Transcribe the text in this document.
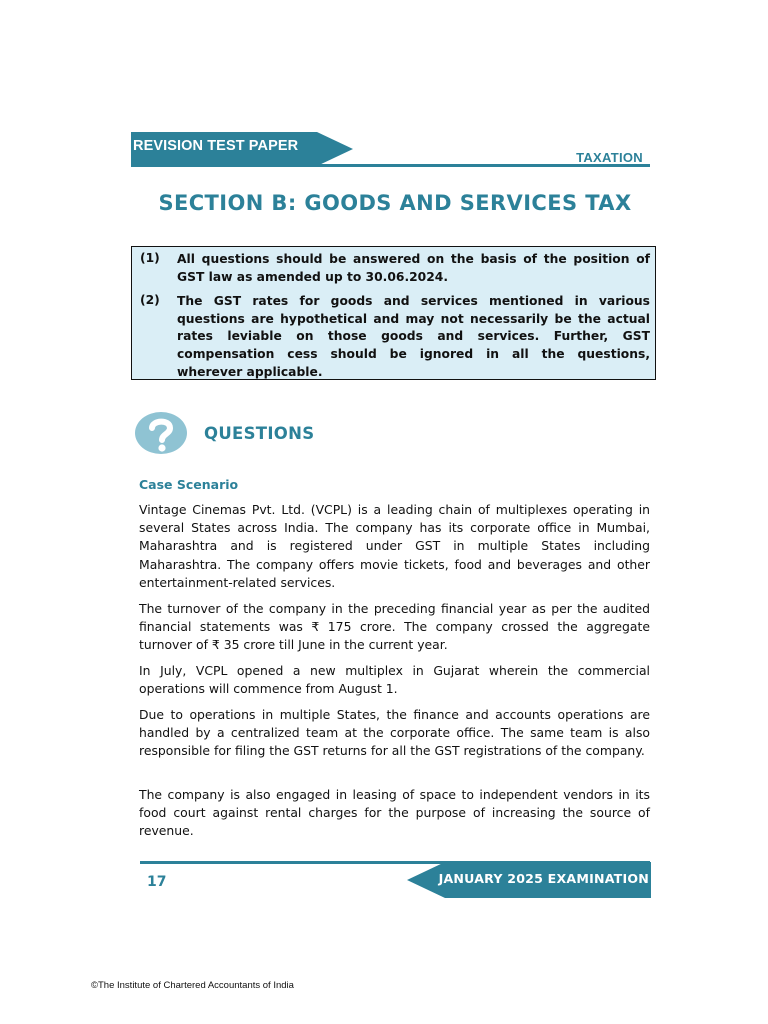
REVISION TEST PAPER
TAXATION
SECTION B: GOODS AND SERVICES TAX
(1) All questions should be answered on the basis of the position of GST law as amended up to 30.06.2024.
(2) The GST rates for goods and services mentioned in various questions are hypothetical and may not necessarily be the actual rates leviable on those goods and services. Further, GST compensation cess should be ignored in all the questions, wherever applicable.
QUESTIONS
Case Scenario
Vintage Cinemas Pvt. Ltd. (VCPL) is a leading chain of multiplexes operating in several States across India. The company has its corporate office in Mumbai, Maharashtra and is registered under GST in multiple States including Maharashtra. The company offers movie tickets, food and beverages and other entertainment-related services.
The turnover of the company in the preceding financial year as per the audited financial statements was ₹ 175 crore. The company crossed the aggregate turnover of ₹ 35 crore till June in the current year.
In July, VCPL opened a new multiplex in Gujarat wherein the commercial operations will commence from August 1.
Due to operations in multiple States, the finance and accounts operations are handled by a centralized team at the corporate office. The same team is also responsible for filing the GST returns for all the GST registrations of the company.
The company is also engaged in leasing of space to independent vendors in its food court against rental charges for the purpose of increasing the source of revenue.
17	JANUARY 2025 EXAMINATION
©The Institute of Chartered Accountants of India
